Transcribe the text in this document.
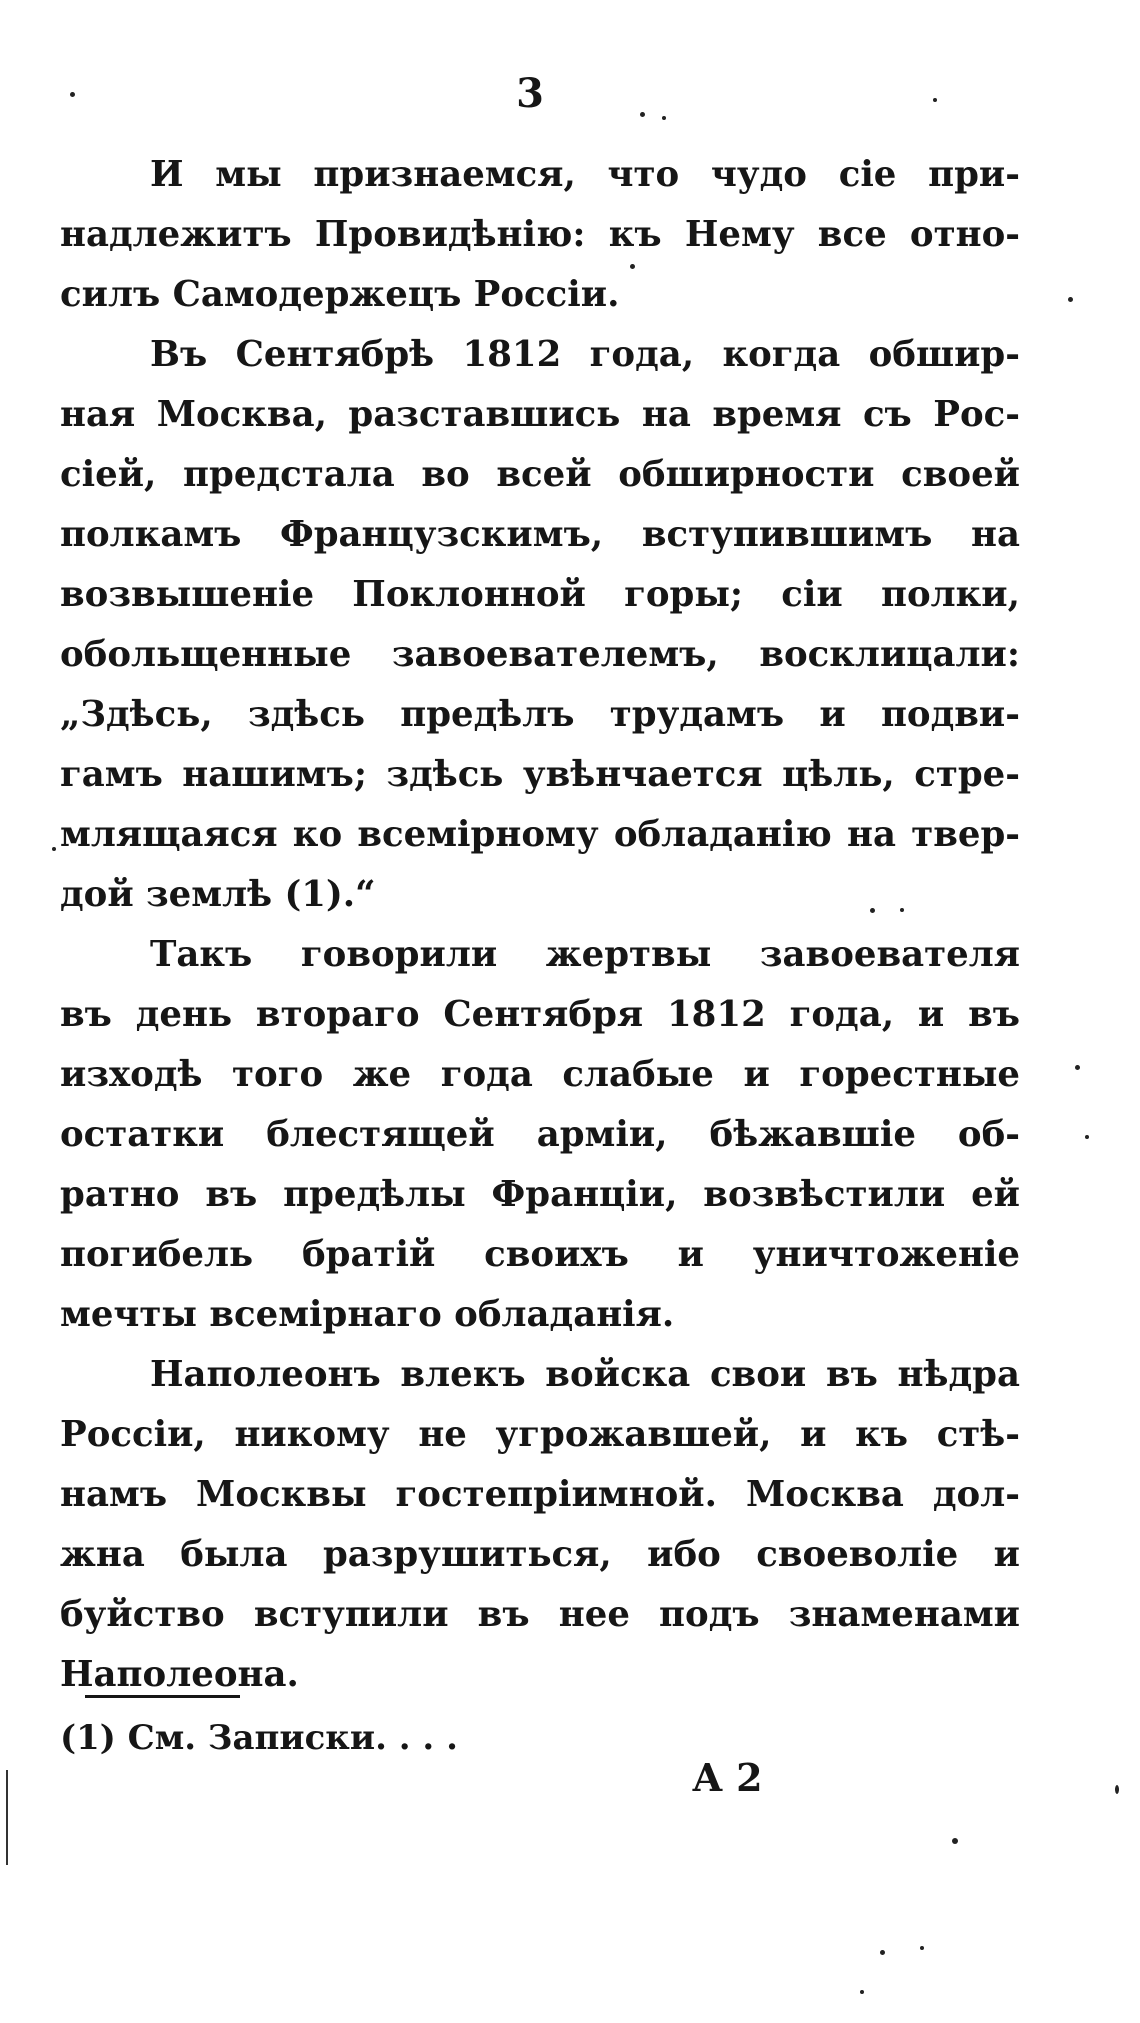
3

И мы признаемся, что чудо сіе при-
надлежитъ Провидѣнію: къ Нему все отно-
силъ Самодержецъ Россіи.

Въ Сентябрѣ 1812 года, когда обшир-
ная Москва, разставшись на время съ Рос-
сіей, предстала во всей обширности своей
полкамъ Французскимъ, вступившимъ на
возвышеніе Поклонной горы; сіи полки,
обольщенные завоевателемъ, восклицали:
„Здѣсь, здѣсь предѣлъ трудамъ и подви-
гамъ нашимъ; здѣсь увѣнчается цѣль, стре-
млящаяся ко всемірному обладанію на твер-
дой землѣ (1).“

Такъ говорили жертвы завоевателя
въ день втораго Сентября 1812 года, и въ
изходѣ того же года слабые и горестные
остатки блестящей арміи, бѣжавшіе об-
ратно въ предѣлы Франціи, возвѣстили ей
погибель братій своихъ и уничтоженіе
мечты всемірнаго обладанія.

Наполеонъ влекъ войска свои въ нѣдра
Россіи, никому не угрожавшей, и къ стѣ-
намъ Москвы гостепріимной. Москва дол-
жна была разрушиться, ибо своеволіе и
буйство вступили въ нее подъ знаменами
Наполеона.

(1) См. Записки. . . .
А 2
